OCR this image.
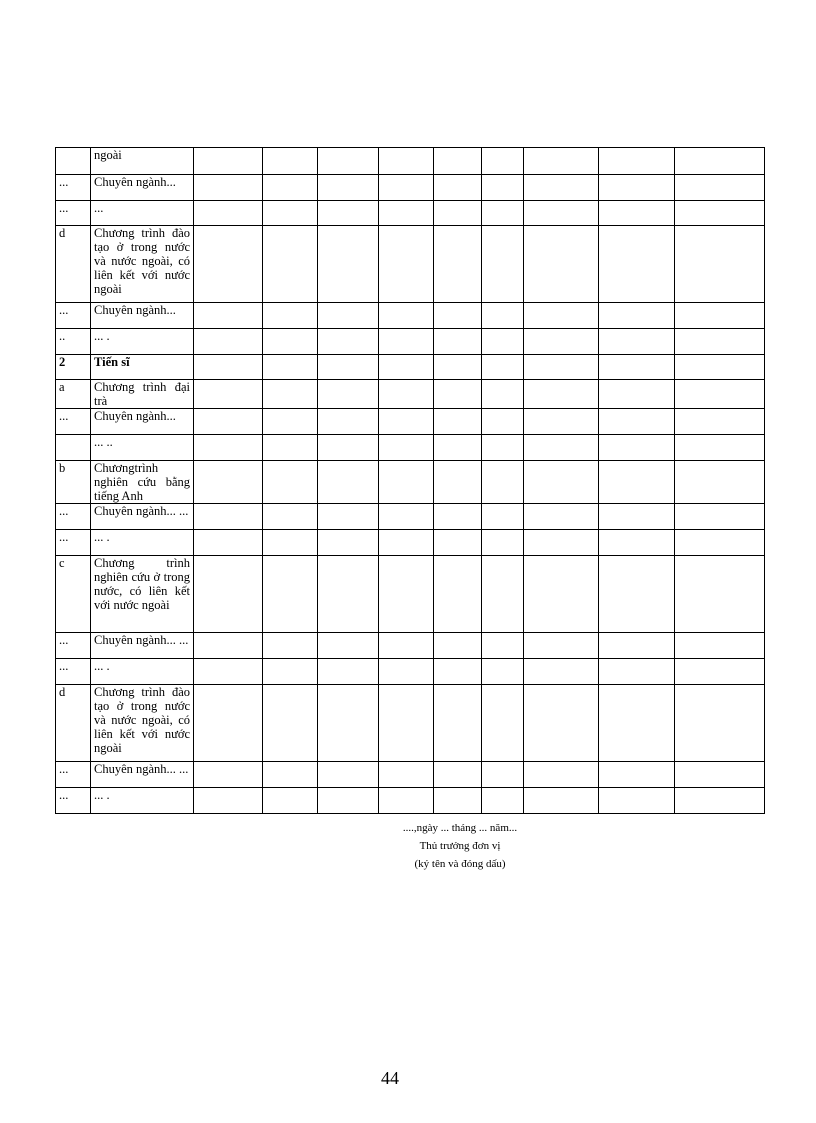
	ngoài									
...	Chuyên ngành...									
...	...									
d	Chương trình đào tạo ở trong nước và nước ngoài, có liên kết với nước ngoài									
...	Chuyên ngành...									
..	... .									
2	Tiến sĩ									
a	Chương trình đại trà									
...	Chuyên ngành...									
	... ..									
b	Chươngtrình nghiên cứu bằng tiếng Anh									
...	Chuyên ngành... ...									
...	... .									
c	Chương trình nghiên cứu ở trong nước, có liên kết với nước ngoài									
...	Chuyên ngành... ...									
...	... .									
d	Chương trình đào tạo ở trong nước và nước ngoài, có liên kết với nước ngoài									
...	Chuyên ngành... ...									
...	... .									
....,ngày ... tháng ... năm...
Thủ trưởng đơn vị
(ký tên và đóng dấu)
44
